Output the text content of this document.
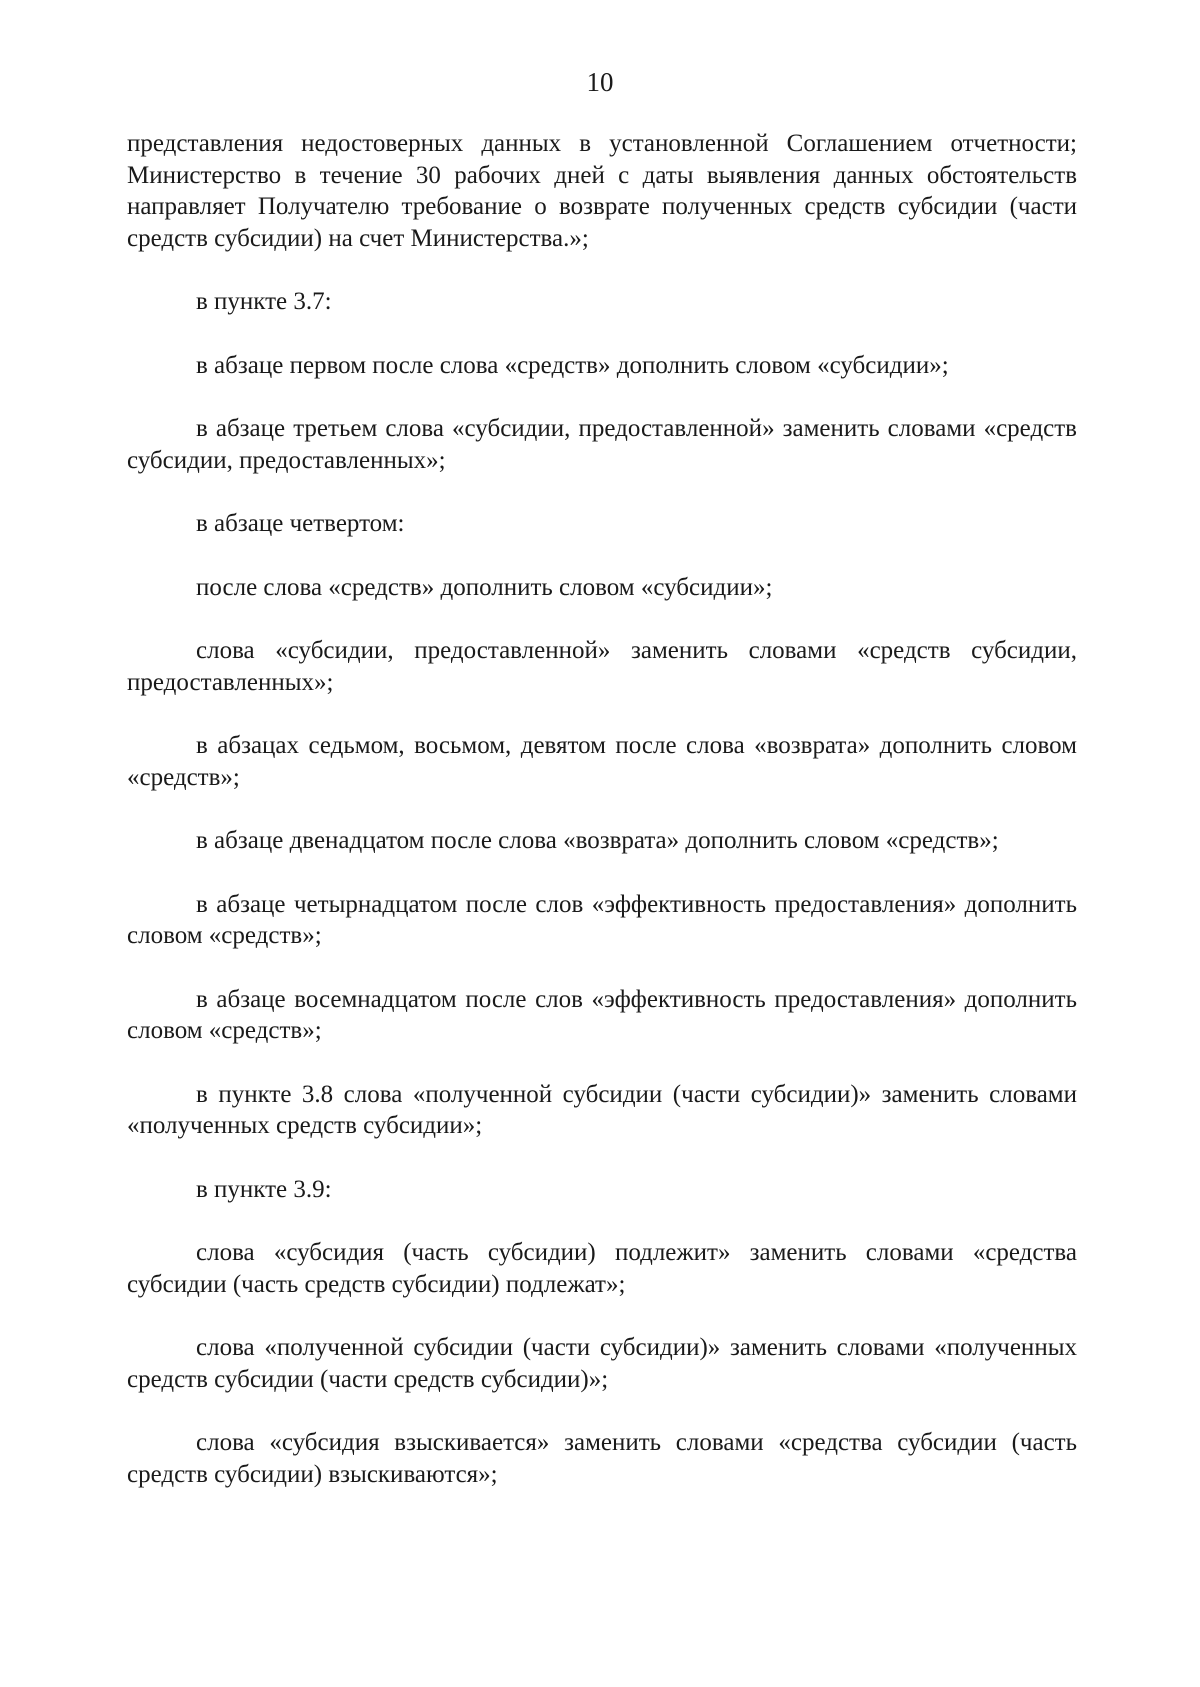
10

представления недостоверных данных в установленной Соглашением отчетности; Министерство в течение 30 рабочих дней с даты выявления данных обстоятельств направляет Получателю требование о возврате полученных средств субсидии (части средств субсидии) на счет Министерства.»;

в пункте 3.7:

в абзаце первом после слова «средств» дополнить словом «субсидии»;

в абзаце третьем слова «субсидии, предоставленной» заменить словами «средств субсидии, предоставленных»;

в абзаце четвертом:

после слова «средств» дополнить словом «субсидии»;

слова «субсидии, предоставленной» заменить словами «средств субсидии, предоставленных»;

в абзацах седьмом, восьмом, девятом после слова «возврата» дополнить словом «средств»;

в абзаце двенадцатом после слова «возврата» дополнить словом «средств»;

в абзаце четырнадцатом после слов «эффективность предоставления» дополнить словом «средств»;

в абзаце восемнадцатом после слов «эффективность предоставления» дополнить словом «средств»;

в пункте 3.8 слова «полученной субсидии (части субсидии)» заменить словами «полученных средств субсидии»;

в пункте 3.9:

слова «субсидия (часть субсидии) подлежит» заменить словами «средства субсидии (часть средств субсидии) подлежат»;

слова «полученной субсидии (части субсидии)» заменить словами «полученных средств субсидии (части средств субсидии)»;

слова «субсидия взыскивается» заменить словами «средства субсидии (часть средств субсидии) взыскиваются»;
